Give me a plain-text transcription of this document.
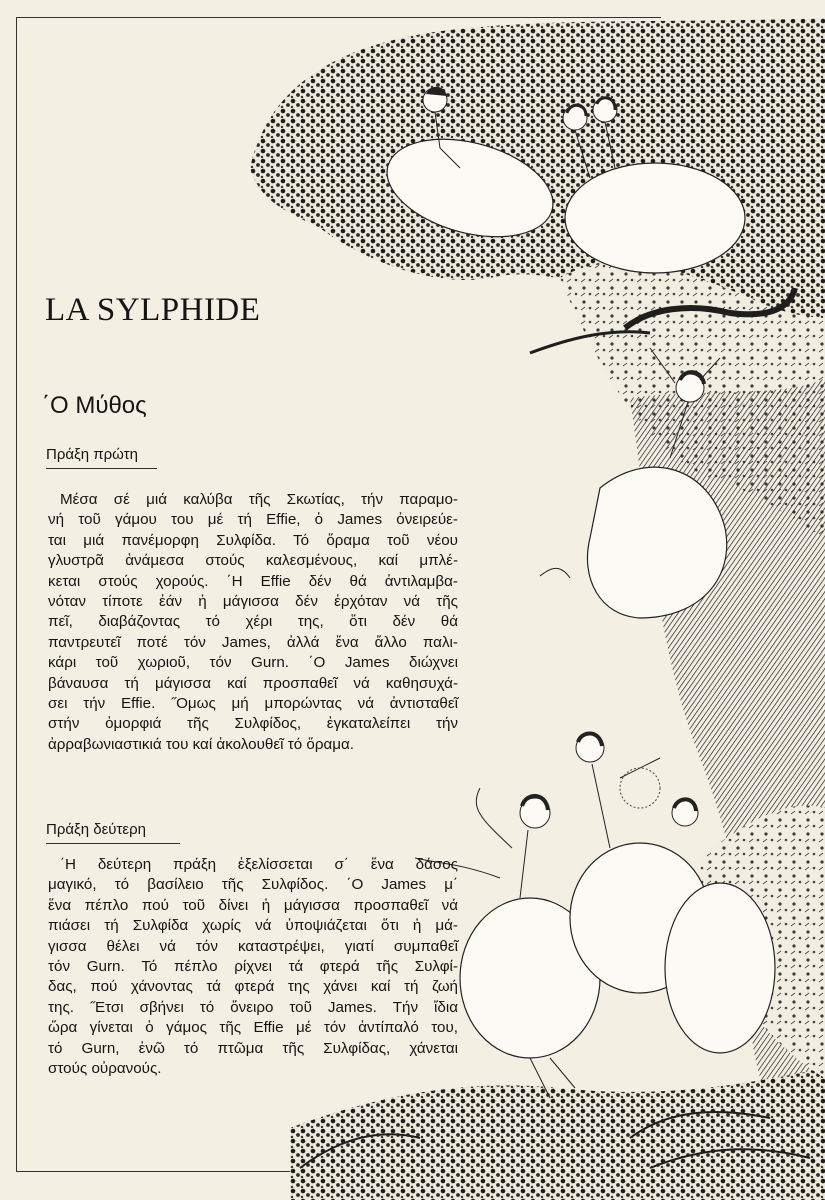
LA SYLPHIDE
΄Ο Μύθος
Πράξη πρώτη
Μέσα σέ μιά καλύβα τῆς Σκωτίας, τήν παραμο-
νή τοῦ γάμου του μέ τή Effie, ὁ James ὀνειρεύε-
ται μιά πανέμορφη Συλφίδα. Τό ὅραμα τοῦ νέου
γλυστρᾶ ἀνάμεσα στούς καλεσμένους, καί μπλέ-
κεται στούς χορούς. ΄Η Effie δέν θά ἀντιλαμβα-
νόταν τίποτε ἐάν ἡ μάγισσα δέν ἐρχόταν νά τῆς
πεῖ, διαβάζοντας τό χέρι της, ὅτι δέν θά
παντρευτεῖ ποτέ τόν James, ἀλλά ἕνα ἄλλο παλι-
κάρι τοῦ χωριοῦ, τόν Gurn. ΄Ο James διώχνει
βάναυσα τή μάγισσα καί προσπαθεῖ νά καθησυχά-
σει τήν Effie. ˝Ομως μή μπορώντας νά ἀντισταθεῖ
στήν ὀμορφιά τῆς Συλφίδος, ἐγκαταλείπει τήν
ἀρραβωνιαστικιά του καί ἀκολουθεῖ τό ὅραμα.
Πράξη δεύτερη
΄Η δεύτερη πράξη ἐξελίσσεται σ΄ ἕνα δάσος
μαγικό, τό βασίλειο τῆς Συλφίδος. ΄Ο James μ΄
ἕνα πέπλο πού τοῦ δίνει ἡ μάγισσα προσπαθεῖ νά
πιάσει τή Συλφίδα χωρίς νά ὑποψιάζεται ὅτι ἡ μά-
γισσα θέλει νά τόν καταστρέψει, γιατί συμπαθεῖ
τόν Gurn. Τό πέπλο ρίχνει τά φτερά τῆς Συλφί-
δας, πού χάνοντας τά φτερά της χάνει καί τή ζωή
της. ˝Ετσι σβήνει τό ὄνειρο τοῦ James. Τήν ἴδια
ὥρα γίνεται ὁ γάμος τῆς Effie μέ τόν ἀντίπαλό του,
τό Gurn, ἐνῶ τό πτῶμα τῆς Συλφίδας, χάνεται
στούς οὐρανούς.
